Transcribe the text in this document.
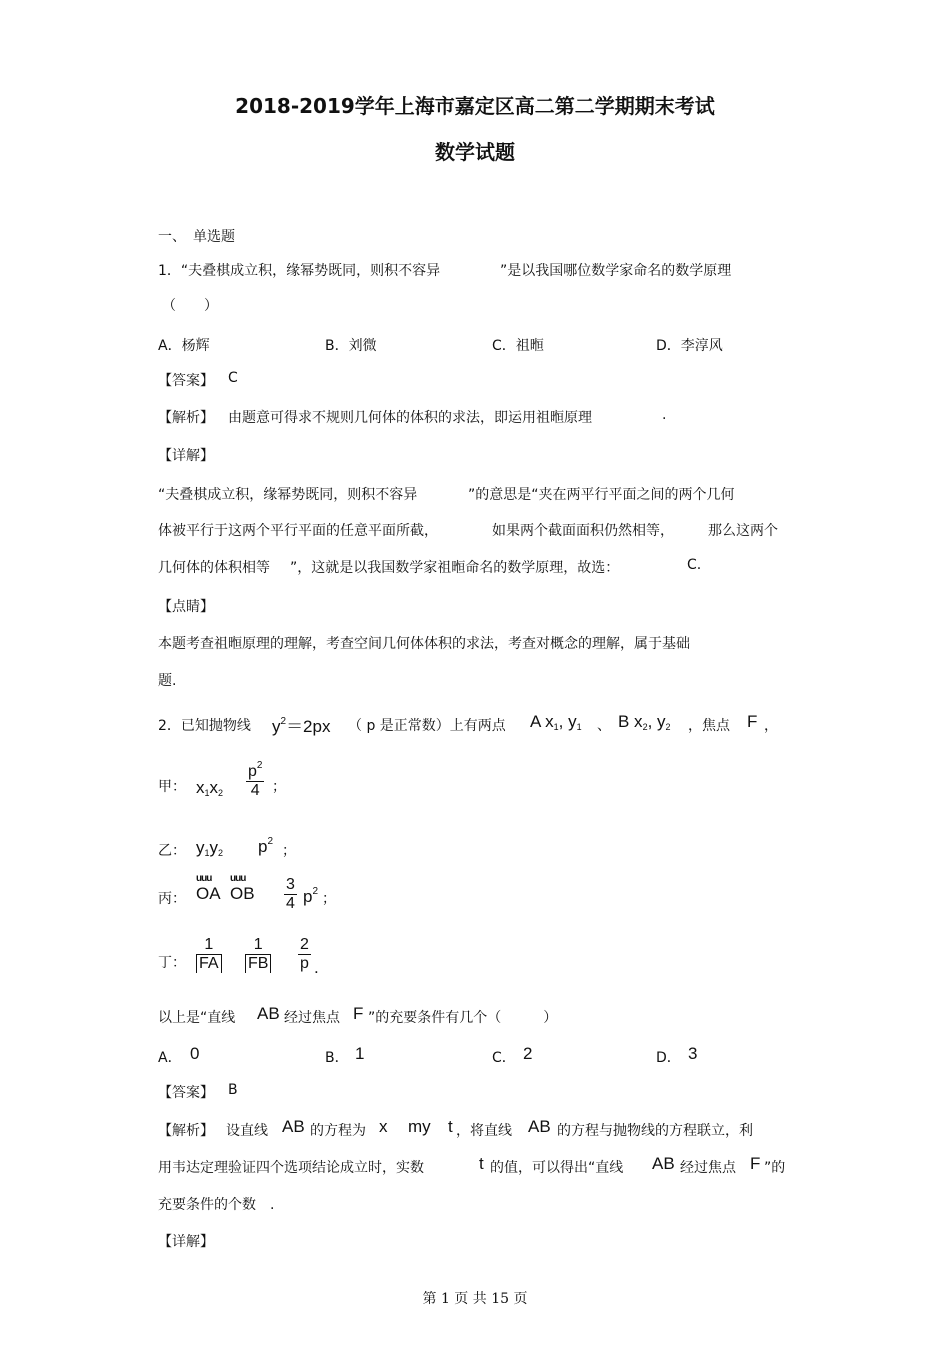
2018-2019学年上海市嘉定区高二第二学期期末考试
数学试题
一、　单选题
1．“夫叠棋成立积，缘幂势既同，则积不容异	”是以我国哪位数学家命名的数学原理
（　　）
A．杨辉	B．刘微	C．祖暅	D．李淳风
【答案】 C
【解析】 由题意可得求不规则几何体的体积的求法，即运用祖暅原理	.
【详解】
“夫叠棋成立积，缘幂势既同，则积不容异	”的意思是“夹在两平行平面之间的两个几何
体被平行于这两个平行平面的任意平面所截，	如果两个截面面积仍然相等， 那么这两个
几何体的体积相等 ”，这就是以我国数学家祖暅命名的数学原理，故选：	C.
【点睛】
本题考查祖暅原理的理解，考查空间几何体体积的求法，考查对概念的理解，属于基础
题.
2．已知抛物线 $y^2=2px$ （ p 是正常数）上有两点 A $x_1$, $y_1$ 、 B $x_2$, $y_2$ ，焦点 F ，
甲： $x_1x_2$
$p^2$
4 ；
乙： $y_1y_2$ $p^2$
；
丙：
uuu
OA
uuu
OB 3
4 $p^2$ ；
丁：
1
FA
1
FB
2
p .
以上是“直线 AB 经过焦点 F ”的充要条件有几个（　　　）
A． 0	B． 1	C． 2	D． 3
【答案】 B
【解析】 设直线 AB 的方程为 x my t ，将直线 AB 的方程与抛物线的方程联立，利
用韦达定理验证四个选项结论成立时，实数	t 的值，可以得出“直线 AB 经过焦点 F ”的
充要条件的个数　.
【详解】
第 1 页 共 15 页
